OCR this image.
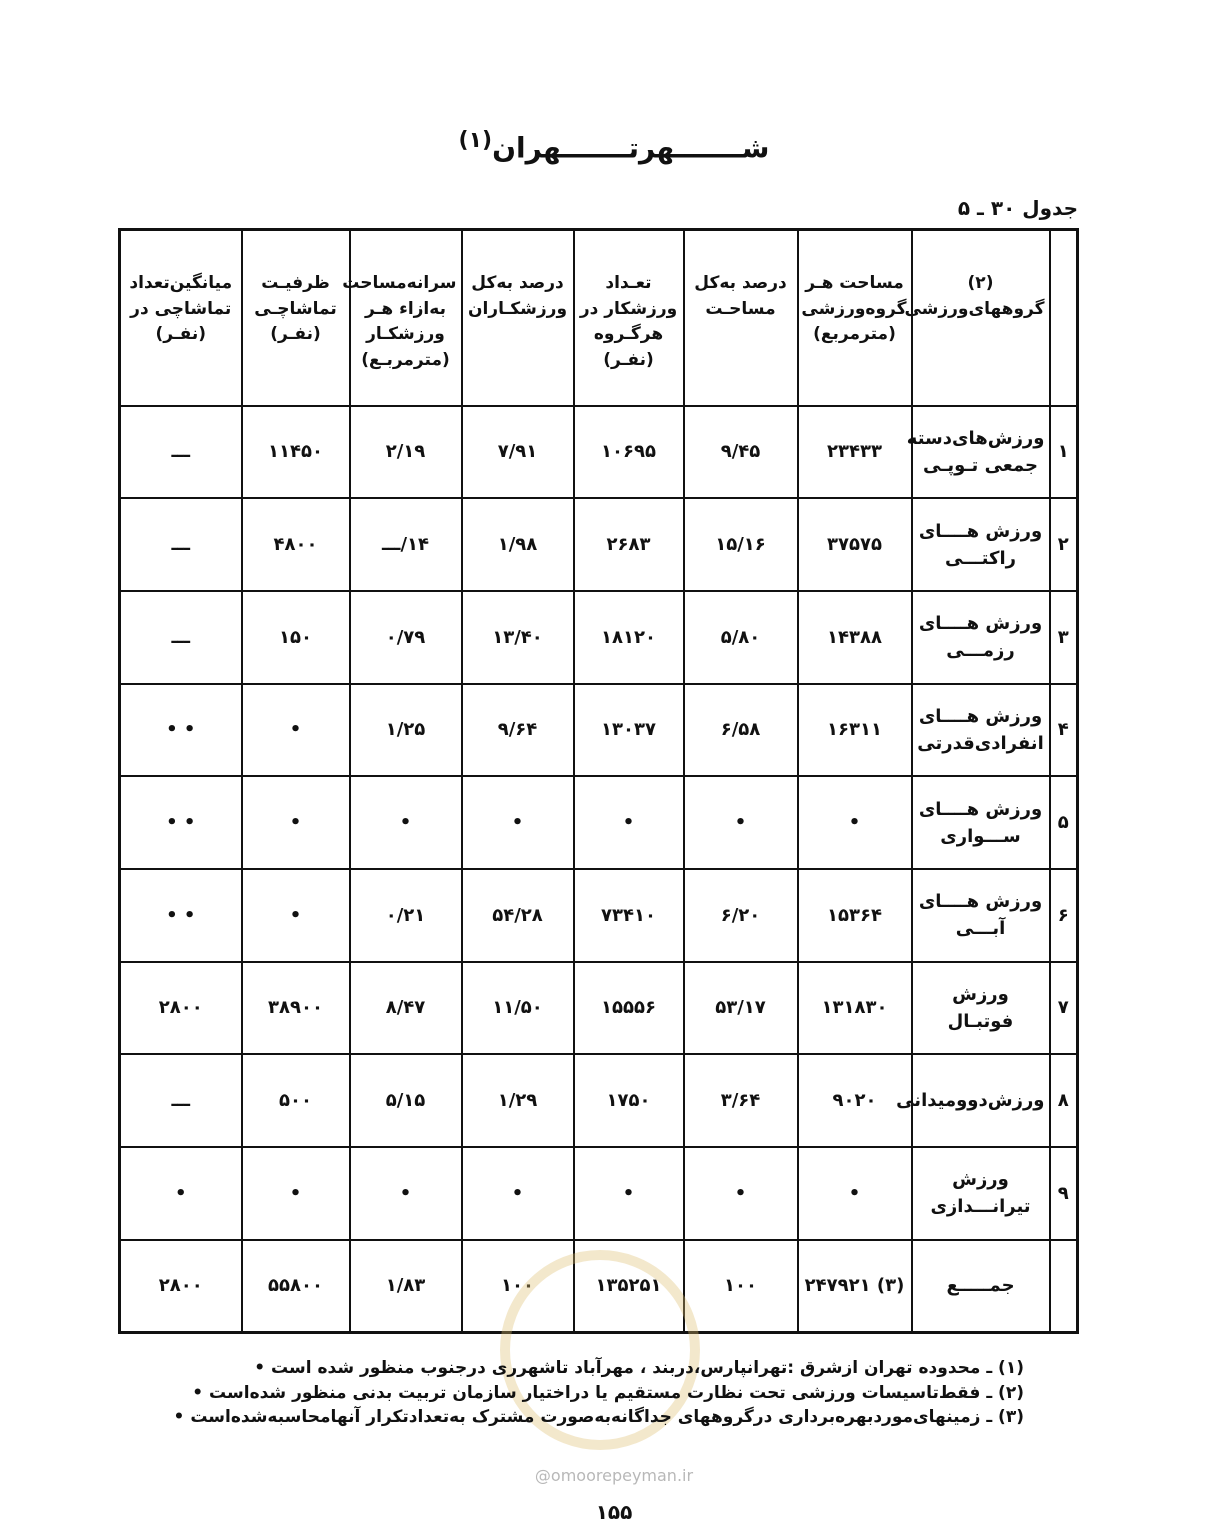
شـــــــهرتـــــــهران$^{(۱)}$
جدول ۳۰ ـ ۵
	(۲) گروههای‌ورزشی	مساحت هـر گروه‌ورزشی (مترمربع)	درصد به‌کل مساحـت	تعـداد ورزشکار در هرگـروه (نفـر)	درصد به‌کل ورزشکـاران	سرانه‌مساحت به‌ازاء هـر ورزشکـار (مترمربـع)	ظرفیـت تماشاچـی (نفـر)	میانگین‌تعداد تماشاچی در (نفـر)
۱	ورزش‌های‌دسته جمعی تـوپـی	۲۳۴۳۳	۹/۴۵	۱۰۶۹۵	۷/۹۱	۲/۱۹	۱۱۴۵۰	ـــ
۲	ورزش هــــای راکتـــی	۳۷۵۷۵	۱۵/۱۶	۲۶۸۳	۱/۹۸	۱۴/ـــ	۴۸۰۰	ـــ
۳	ورزش هــــای رزمـــی	۱۴۳۸۸	۵/۸۰	۱۸۱۲۰	۱۳/۴۰	۰/۷۹	۱۵۰	ـــ
۴	ورزش هــــای انفرادی‌قدرتی	۱۶۳۱۱	۶/۵۸	۱۳۰۳۷	۹/۶۴	۱/۲۵	•	• •
۵	ورزش هــــای ســـواری	•	•	•	•	•	•	• •
۶	ورزش هــــای آبـــی	۱۵۳۶۴	۶/۲۰	۷۳۴۱۰	۵۴/۲۸	۰/۲۱	•	• •
۷	ورزش فوتبـال	۱۳۱۸۳۰	۵۳/۱۷	۱۵۵۵۶	۱۱/۵۰	۸/۴۷	۳۸۹۰۰	۲۸۰۰
۸	ورزش‌دوومیدانی	۹۰۲۰	۳/۶۴	۱۷۵۰	۱/۲۹	۵/۱۵	۵۰۰	ـــ
۹	ورزش تیرانـــدازی	•	•	•	•	•	•	•
	جمـــــع	(۳) ۲۴۷۹۲۱	۱۰۰	۱۳۵۲۵۱	۱۰۰	۱/۸۳	۵۵۸۰۰	۲۸۰۰
(۱) ـ محدوده تهران ازشرق :تهرانپارس،دربند ، مهرآباد تاشهرری درجنوب منظور شده است •
(۲) ـ فقط‌تاسیسات ورزشی تحت نظارت مستقیم یا دراختیار سازمان تربیت بدنی منظور شده‌است •
(۳) ـ زمینهای‌موردبهره‌برداری درگروههای جداگانه‌به‌صورت مشترک به‌تعدادتکرار آنهامحاسبه‌شده‌است •
@omoorepeyman.ir
۱۵۵
